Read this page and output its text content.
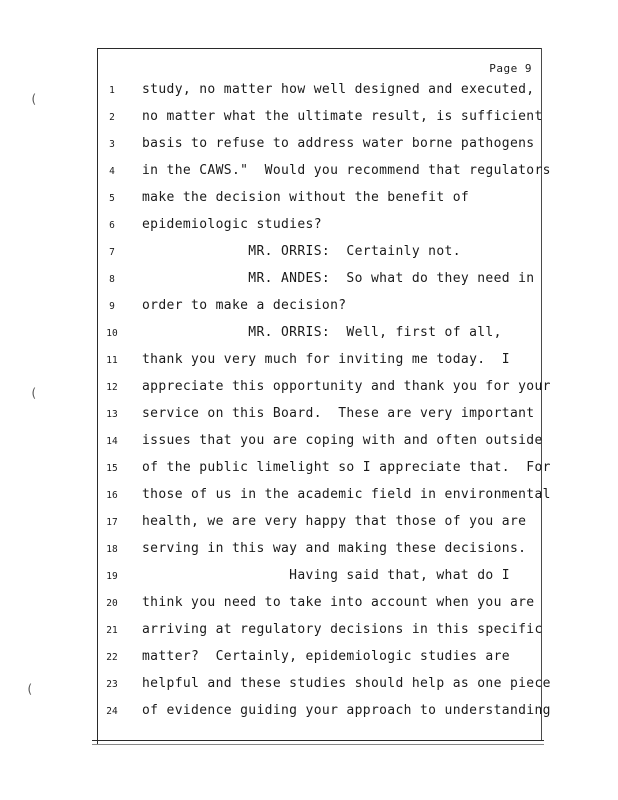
(
(
(
Page 9
1	study, no matter how well designed and executed,
2	no matter what the ultimate result, is sufficient
3	basis to refuse to address water borne pathogens
4	in the CAWS."  Would you recommend that regulators
5	make the decision without the benefit of
6	epidemiologic studies?
7	MR. ORRIS:  Certainly not.
8	MR. ANDES:  So what do they need in
9	order to make a decision?
10	MR. ORRIS:  Well, first of all,
11	thank you very much for inviting me today.  I
12	appreciate this opportunity and thank you for your
13	service on this Board.  These are very important
14	issues that you are coping with and often outside
15	of the public limelight so I appreciate that.  For
16	those of us in the academic field in environmental
17	health, we are very happy that those of you are
18	serving in this way and making these decisions.
19	Having said that, what do I
20	think you need to take into account when you are
21	arriving at regulatory decisions in this specific
22	matter?  Certainly, epidemiologic studies are
23	helpful and these studies should help as one piece
24	of evidence guiding your approach to understanding
